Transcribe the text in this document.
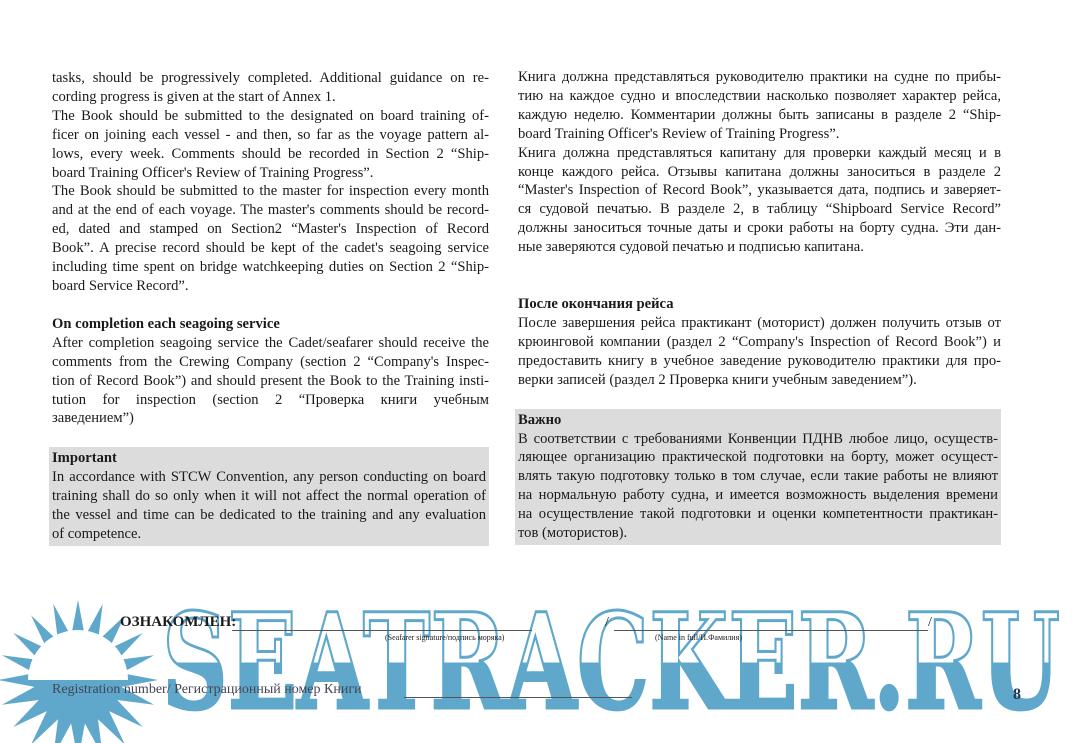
tasks, should be progressively completed. Additional guidance on re-
cording progress is given at the start of Annex 1.
The Book should be submitted to the designated on board training of-
ficer on joining each vessel - and then, so far as the voyage pattern al-
lows, every week. Comments should be recorded in Section 2 “Ship-
board Training Officer's Review of Training Progress”.
The Book should be submitted to the master for inspection every month
and at the end of each voyage. The master's comments should be record-
ed, dated and stamped on Section2 “Master's Inspection of Record
Book”. A precise record should be kept of the cadet's seagoing service
including time spent on bridge watchkeeping duties on Section 2 “Ship-
board Service Record”.
On completion each seagoing service
After completion seagoing service the Cadet/seafarer should receive the
comments from the Crewing Company (section 2 “Company's Inspec-
tion of Record Book”) and should present the Book to the Training insti-
tution for inspection (section 2 “Проверка книги учебным
заведением”)
Important
In accordance with STCW Convention, any person conducting on board
training shall do so only when it will not affect the normal operation of
the vessel and time can be dedicated to the training and any evaluation
of competence.
Книга должна представляться руководителю практики на судне по прибы-
тию на каждое судно и впоследствии насколько позволяет характер рейса,
каждую неделю. Комментарии должны быть записаны в разделе 2 “Ship-
board Training Officer's Review of Training Progress”.
Книга должна представляться капитану для проверки каждый месяц и в
конце каждого рейса. Отзывы капитана должны заноситься в разделе 2
“Master's Inspection of Record Book”, указывается дата, подпись и заверяет-
ся судовой печатью. В разделе 2, в таблицу “Shipboard Service Record”
должны заноситься точные даты и сроки работы на борту судна. Эти дан-
ные заверяются судовой печатью и подписью капитана.
После окончания рейса
После завершения рейса практикант (моторист) должен получить отзыв от
крюинговой компании (раздел 2 “Company's Inspection of Record Book”) и
предоставить книгу в учебное заведение руководителю практики для про-
верки записей (раздел 2 Проверка книги учебным заведением”).
Важно
В соответствии с требованиями Конвенции ПДНВ любое лицо, осуществ-
ляющее организацию практической подготовки на борту, может осущест-
влять такую подготовку только в том случае, если такие работы не влияют
на нормальную работу судна, и имеется возможность выделения времени
на осуществление такой подготовки и оценки компетентности практикан-
тов (мотористов).
SEATRACKER.RU
ОЗНАКОМЛЕН:	/	/
(Seafarer signature/подпись моряка)	(Name in full/И.Фамилия)
Registration number/ Регистрационный номер Книги	8
